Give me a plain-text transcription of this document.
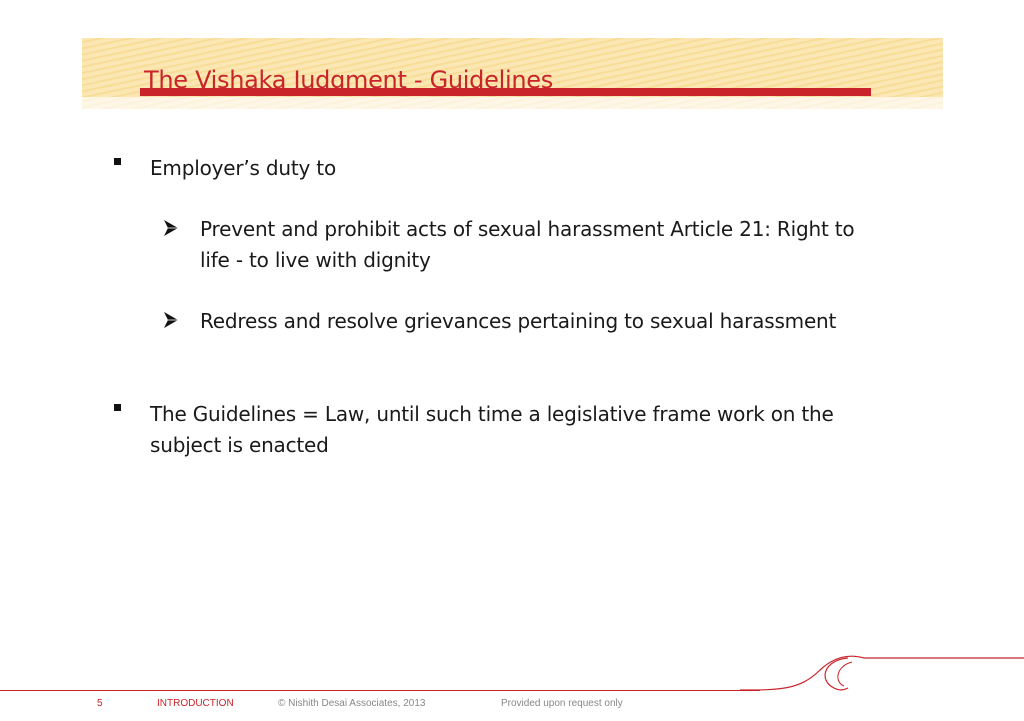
The Vishaka Judgment - Guidelines
Employer’s duty to
Prevent and prohibit acts of sexual harassment Article 21: Right to
life - to live with dignity
Redress and resolve grievances pertaining to sexual harassment
The Guidelines = Law, until such time a legislative frame work on the
subject is enacted
5	INTRODUCTION	© Nishith Desai Associates, 2013	Provided upon request only
